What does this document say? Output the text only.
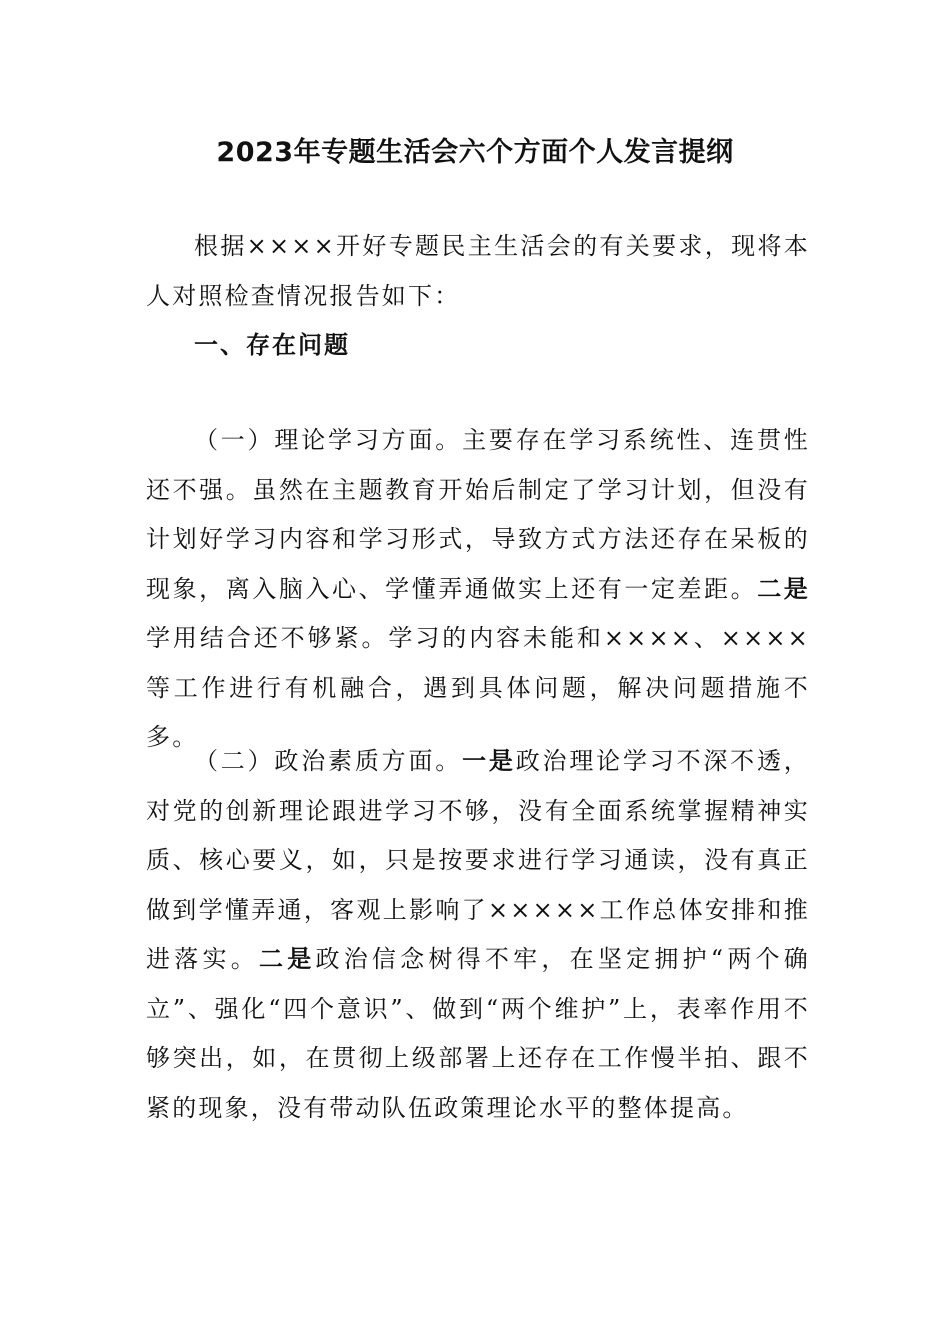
2023年专题生活会六个方面个人发言提纲

根据××××开好专题民主生活会的有关要求，现将本人对照检查情况报告如下：

一、存在问题

（一）理论学习方面。主要存在学习系统性、连贯性还不强。虽然在主题教育开始后制定了学习计划，但没有计划好学习内容和学习形式，导致方式方法还存在呆板的现象，离入脑入心、学懂弄通做实上还有一定差距。二是学用结合还不够紧。学习的内容未能和××××、××××等工作进行有机融合，遇到具体问题，解决问题措施不多。

（二）政治素质方面。一是政治理论学习不深不透，对党的创新理论跟进学习不够，没有全面系统掌握精神实质、核心要义，如，只是按要求进行学习通读，没有真正做到学懂弄通，客观上影响了×××××工作总体安排和推进落实。二是政治信念树得不牢，在坚定拥护“两个确立”、强化“四个意识”、做到“两个维护”上，表率作用不够突出，如，在贯彻上级部署上还存在工作慢半拍、跟不紧的现象，没有带动队伍政策理论水平的整体提高。
